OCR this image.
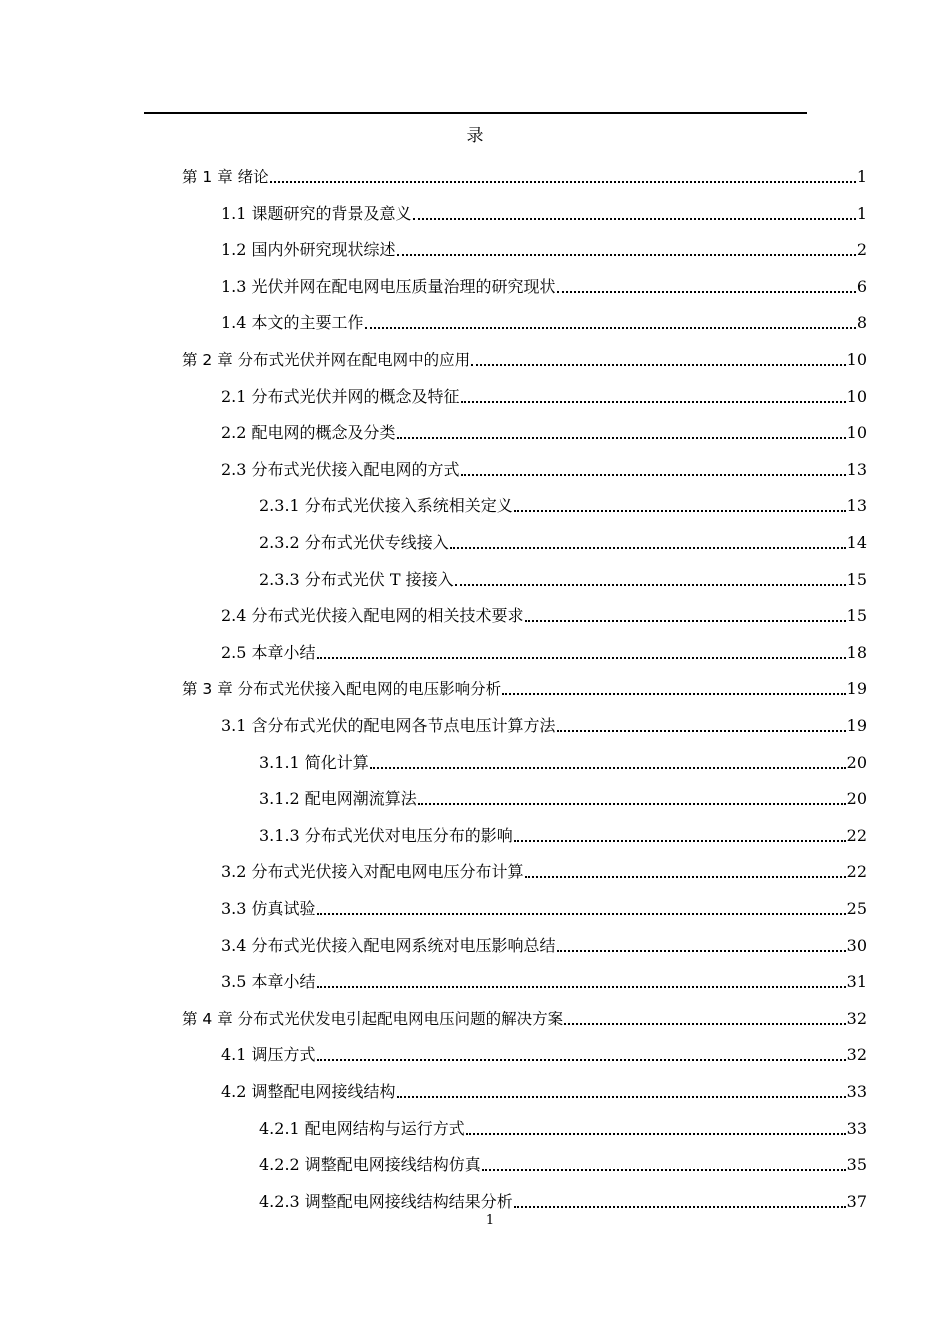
录
第 1 章 绪论	1
1.1 课题研究的背景及意义	1
1.2 国内外研究现状综述	2
1.3 光伏并网在配电网电压质量治理的研究现状	6
1.4 本文的主要工作	8
第 2 章 分布式光伏并网在配电网中的应用	10
2.1 分布式光伏并网的概念及特征	10
2.2 配电网的概念及分类	10
2.3 分布式光伏接入配电网的方式	13
2.3.1 分布式光伏接入系统相关定义	13
2.3.2 分布式光伏专线接入	14
2.3.3 分布式光伏 T 接接入	15
2.4 分布式光伏接入配电网的相关技术要求	15
2.5 本章小结	18
第 3 章 分布式光伏接入配电网的电压影响分析	19
3.1 含分布式光伏的配电网各节点电压计算方法	19
3.1.1 简化计算	20
3.1.2 配电网潮流算法	20
3.1.3 分布式光伏对电压分布的影响	22
3.2 分布式光伏接入对配电网电压分布计算	22
3.3 仿真试验	25
3.4 分布式光伏接入配电网系统对电压影响总结	30
3.5 本章小结	31
第 4 章 分布式光伏发电引起配电网电压问题的解决方案	32
4.1 调压方式	32
4.2 调整配电网接线结构	33
4.2.1 配电网结构与运行方式	33
4.2.2 调整配电网接线结构仿真	35
4.2.3 调整配电网接线结构结果分析	37
1
